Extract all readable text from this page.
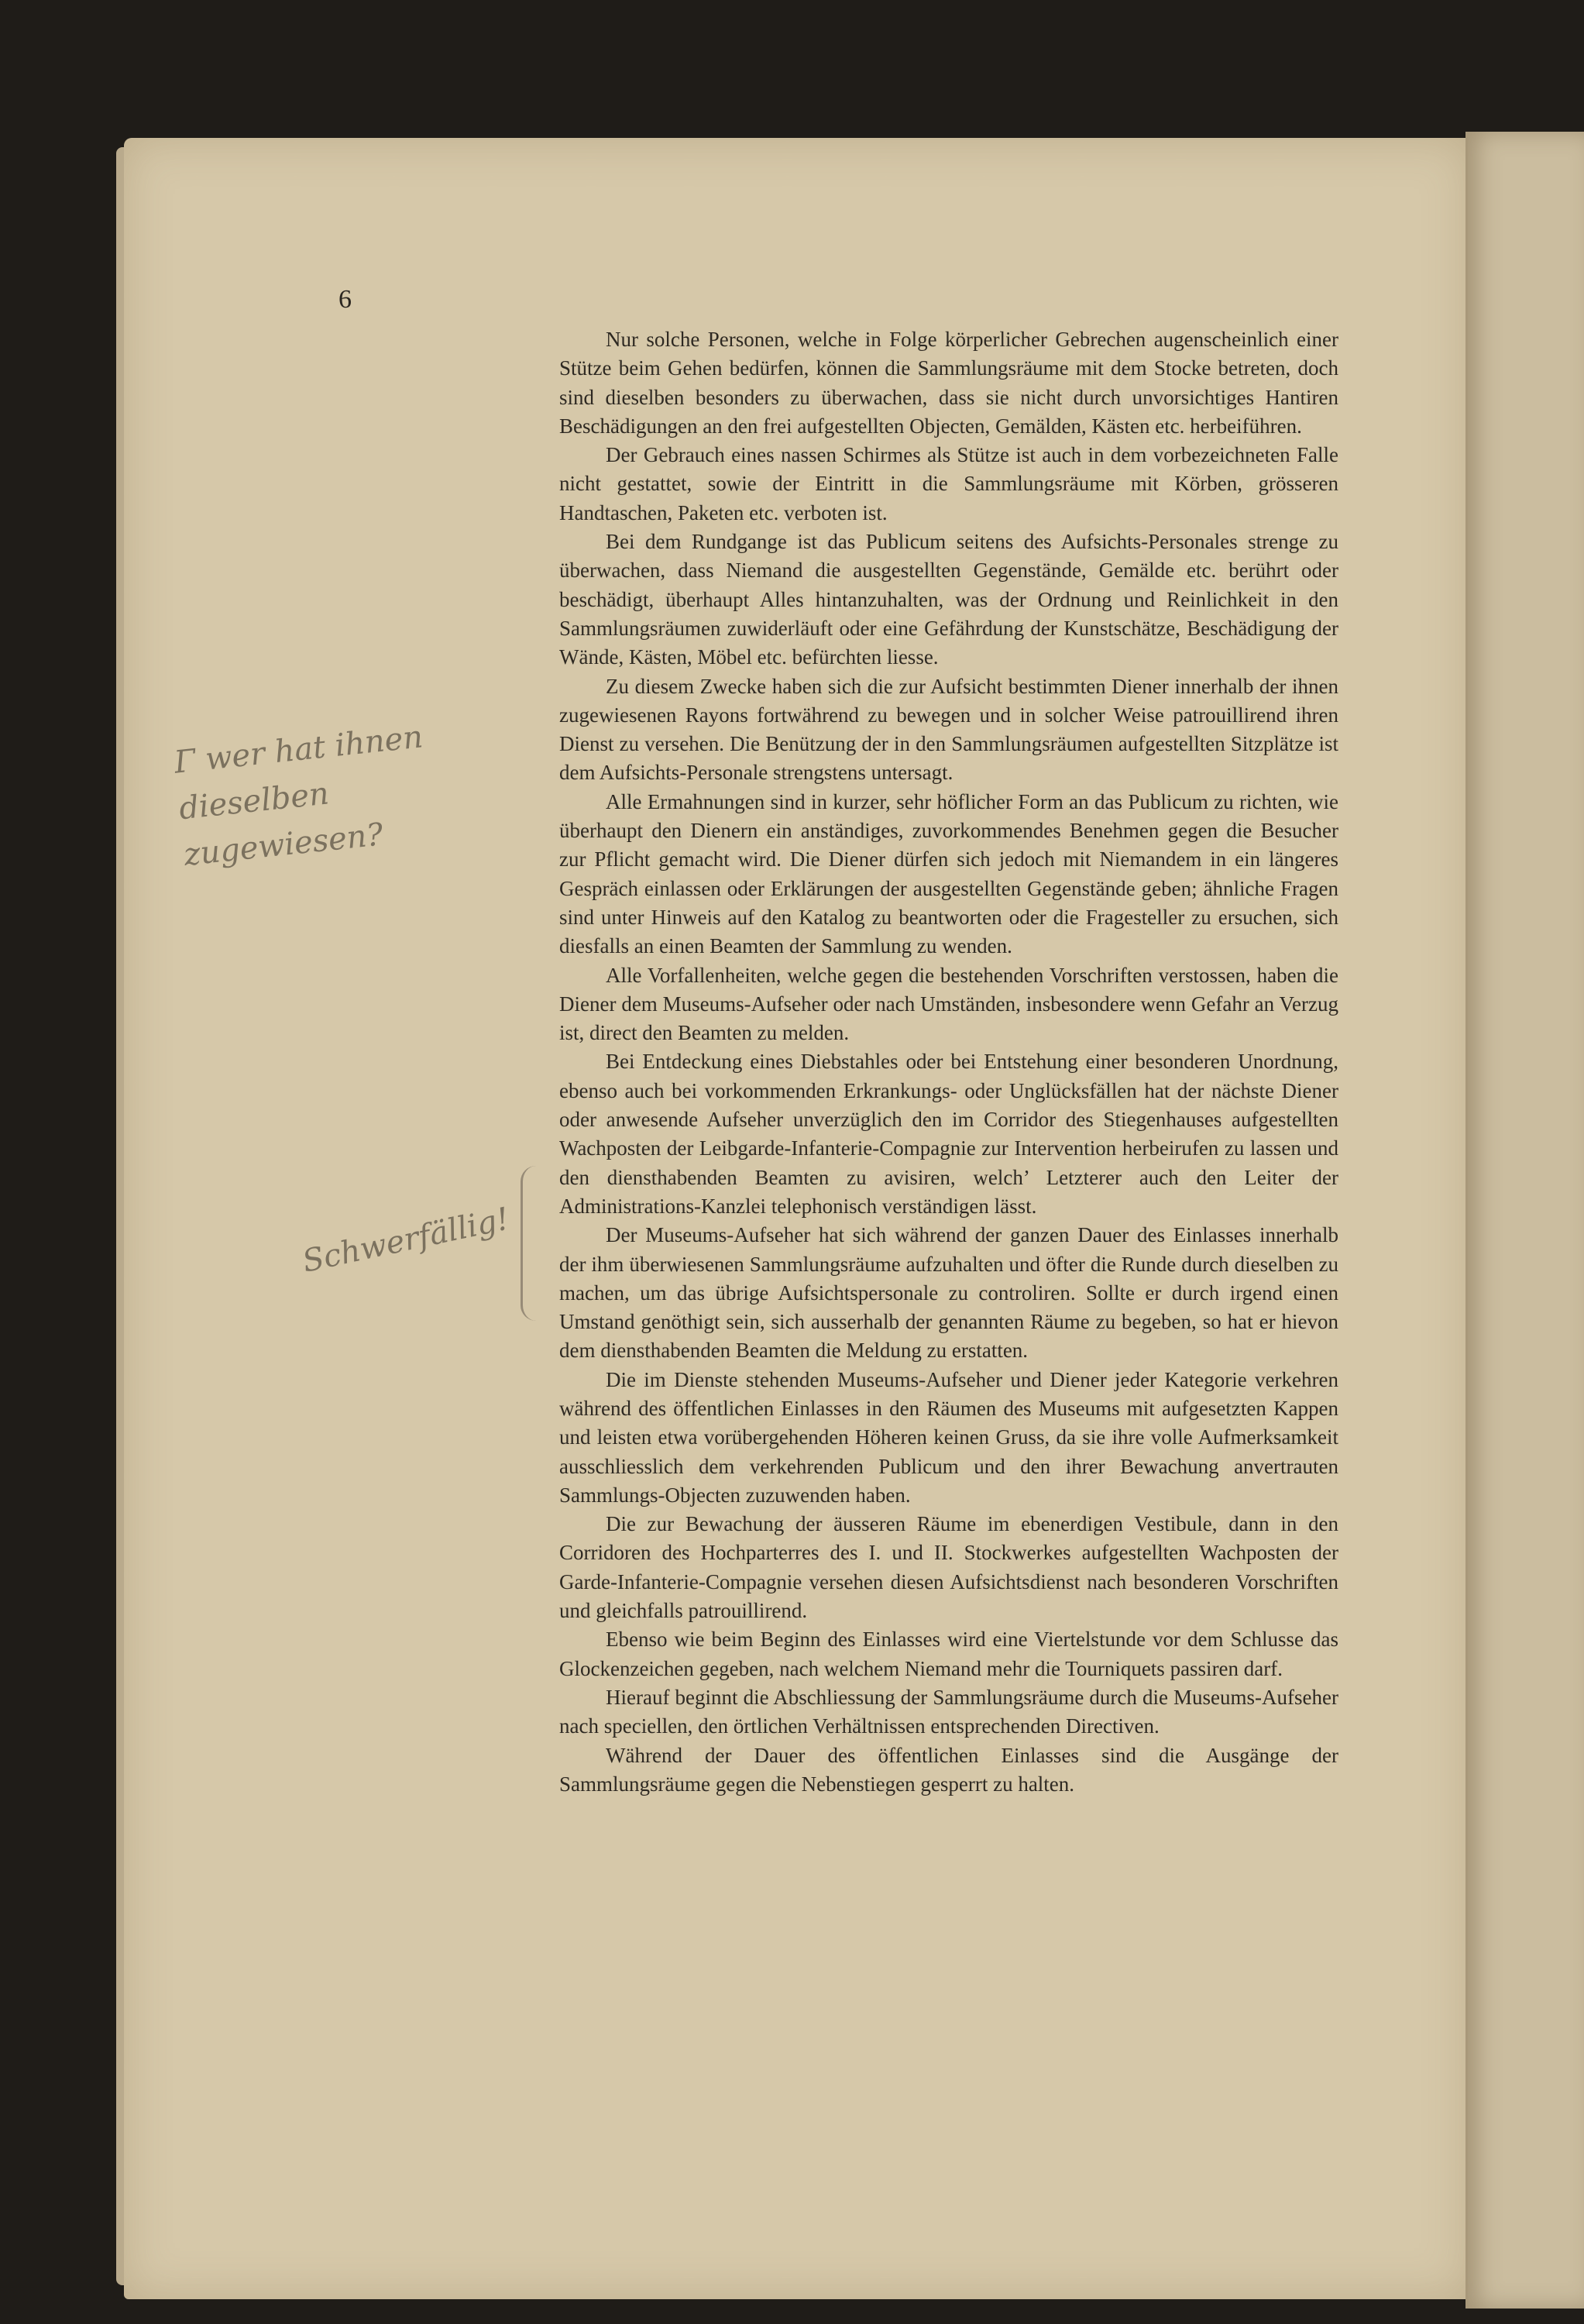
6

Nur solche Personen, welche in Folge körperlicher Gebrechen augenscheinlich einer Stütze beim Gehen bedürfen, können die Sammlungsräume mit dem Stocke betreten, doch sind dieselben besonders zu überwachen, dass sie nicht durch unvorsichtiges Hantiren Beschädigungen an den frei aufgestellten Objecten, Gemälden, Kästen etc. herbeiführen.

Der Gebrauch eines nassen Schirmes als Stütze ist auch in dem vorbezeichneten Falle nicht gestattet, sowie der Eintritt in die Sammlungsräume mit Körben, grösseren Handtaschen, Paketen etc. verboten ist.

Bei dem Rundgange ist das Publicum seitens des Aufsichts-Personales strenge zu überwachen, dass Niemand die ausgestellten Gegenstände, Gemälde etc. berührt oder beschädigt, überhaupt Alles hintanzuhalten, was der Ordnung und Reinlichkeit in den Sammlungsräumen zuwiderläuft oder eine Gefährdung der Kunstschätze, Beschädigung der Wände, Kästen, Möbel etc. befürchten liesse.

Zu diesem Zwecke haben sich die zur Aufsicht bestimmten Diener innerhalb der ihnen zugewiesenen Rayons fortwährend zu bewegen und in solcher Weise patrouillirend ihren Dienst zu versehen. Die Benützung der in den Sammlungsräumen aufgestellten Sitzplätze ist dem Aufsichts-Personale strengstens untersagt.

Alle Ermahnungen sind in kurzer, sehr höflicher Form an das Publicum zu richten, wie überhaupt den Dienern ein anständiges, zuvorkommendes Benehmen gegen die Besucher zur Pflicht gemacht wird. Die Diener dürfen sich jedoch mit Niemandem in ein längeres Gespräch einlassen oder Erklärungen der ausgestellten Gegenstände geben; ähnliche Fragen sind unter Hinweis auf den Katalog zu beantworten oder die Fragesteller zu ersuchen, sich diesfalls an einen Beamten der Sammlung zu wenden.

Alle Vorfallenheiten, welche gegen die bestehenden Vorschriften verstossen, haben die Diener dem Museums-Aufseher oder nach Umständen, insbesondere wenn Gefahr an Verzug ist, direct den Beamten zu melden.

Bei Entdeckung eines Diebstahles oder bei Entstehung einer besonderen Unordnung, ebenso auch bei vorkommenden Erkrankungs- oder Unglücksfällen hat der nächste Diener oder anwesende Aufseher unverzüglich den im Corridor des Stiegenhauses aufgestellten Wachposten der Leibgarde-Infanterie-Compagnie zur Intervention herbeirufen zu lassen und den diensthabenden Beamten zu avisiren, welch’ Letzterer auch den Leiter der Administrations-Kanzlei telephonisch verständigen lässt.

Der Museums-Aufseher hat sich während der ganzen Dauer des Einlasses innerhalb der ihm überwiesenen Sammlungsräume aufzuhalten und öfter die Runde durch dieselben zu machen, um das übrige Aufsichtspersonale zu controliren. Sollte er durch irgend einen Umstand genöthigt sein, sich ausserhalb der genannten Räume zu begeben, so hat er hievon dem diensthabenden Beamten die Meldung zu erstatten.

Die im Dienste stehenden Museums-Aufseher und Diener jeder Kategorie verkehren während des öffentlichen Einlasses in den Räumen des Museums mit aufgesetzten Kappen und leisten etwa vorübergehenden Höheren keinen Gruss, da sie ihre volle Aufmerksamkeit ausschliesslich dem verkehrenden Publicum und den ihrer Bewachung anvertrauten Sammlungs-Objecten zuzuwenden haben.

Die zur Bewachung der äusseren Räume im ebenerdigen Vestibule, dann in den Corridoren des Hochparterres des I. und II. Stockwerkes aufgestellten Wachposten der Garde-Infanterie-Compagnie versehen diesen Aufsichtsdienst nach besonderen Vorschriften und gleichfalls patrouillirend.

Ebenso wie beim Beginn des Einlasses wird eine Viertelstunde vor dem Schlusse das Glockenzeichen gegeben, nach welchem Niemand mehr die Tourniquets passiren darf.

Hierauf beginnt die Abschliessung der Sammlungsräume durch die Museums-Aufseher nach speciellen, den örtlichen Verhältnissen entsprechenden Directiven.

Während der Dauer des öffentlichen Einlasses sind die Ausgänge der Sammlungsräume gegen die Nebenstiegen gesperrt zu halten.

Γ wer hat ihnen dieselben zugewiesen?
Schwerfällig!
